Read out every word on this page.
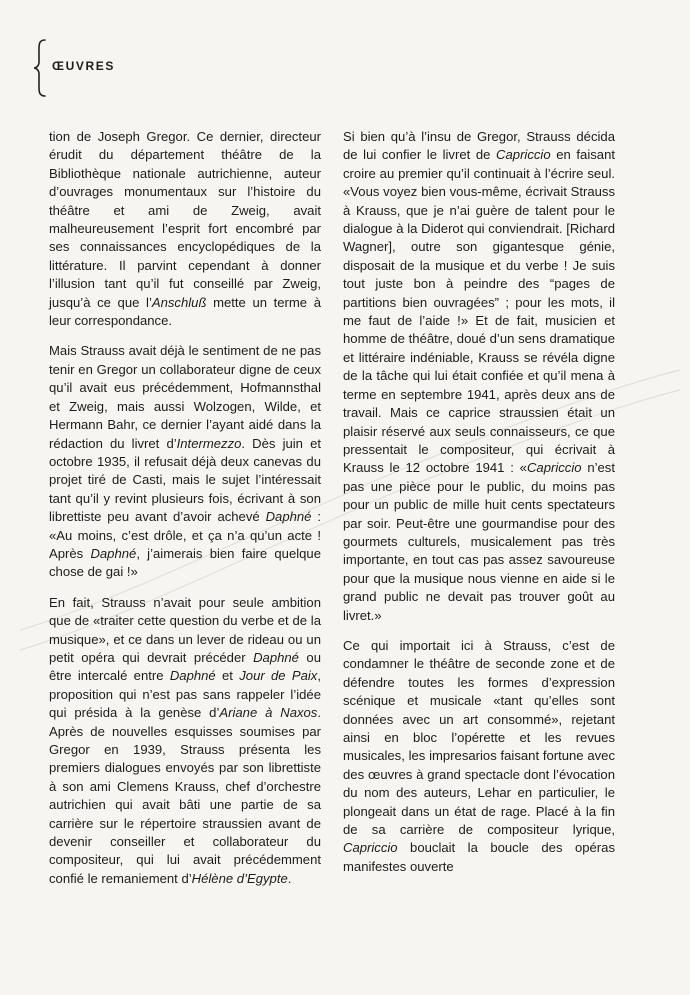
ŒUVRES

tion de Joseph Gregor. Ce dernier, directeur érudit du département théâtre de la Bibliothèque nationale autrichienne, auteur d’ouvrages monumentaux sur l’histoire du théâtre et ami de Zweig, avait malheureusement l’esprit fort encombré par ses connaissances encyclopédiques de la littérature. Il parvint cependant à donner l’illusion tant qu’il fut conseillé par Zweig, jusqu’à ce que l’Anschluß mette un terme à leur correspondance.

Mais Strauss avait déjà le sentiment de ne pas tenir en Gregor un collaborateur digne de ceux qu’il avait eus précédemment, Hofmannsthal et Zweig, mais aussi Wolzogen, Wilde, et Hermann Bahr, ce dernier l’ayant aidé dans la rédaction du livret d’Intermezzo. Dès juin et octobre 1935, il refusait déjà deux canevas du projet tiré de Casti, mais le sujet l’intéressait tant qu’il y revint plusieurs fois, écrivant à son librettiste peu avant d’avoir achevé Daphné : «Au moins, c’est drôle, et ça n’a qu’un acte ! Après Daphné, j’aimerais bien faire quelque chose de gai !»

En fait, Strauss n’avait pour seule ambition que de «traiter cette question du verbe et de la musique», et ce dans un lever de rideau ou un petit opéra qui devrait précéder Daphné ou être intercalé entre Daphné et Jour de Paix, proposition qui n’est pas sans rappeler l’idée qui présida à la genèse d’Ariane à Naxos. Après de nouvelles esquisses soumises par Gregor en 1939, Strauss présenta les premiers dialogues envoyés par son librettiste à son ami Clemens Krauss, chef d’orchestre autrichien qui avait bâti une partie de sa carrière sur le répertoire straussien avant de devenir conseiller et collaborateur du compositeur, qui lui avait précédemment confié le remaniement d’Hélène d’Egypte.

Si bien qu’à l’insu de Gregor, Strauss décida de lui confier le livret de Capriccio en faisant croire au premier qu’il continuait à l’écrire seul. «Vous voyez bien vous-même, écrivait Strauss à Krauss, que je n’ai guère de talent pour le dialogue à la Diderot qui conviendrait. [Richard Wagner], outre son gigantesque génie, disposait de la musique et du verbe ! Je suis tout juste bon à peindre des “pages de partitions bien ouvragées” ; pour les mots, il me faut de l’aide !» Et de fait, musicien et homme de théâtre, doué d’un sens dramatique et littéraire indéniable, Krauss se révéla digne de la tâche qui lui était confiée et qu’il mena à terme en septembre 1941, après deux ans de travail. Mais ce caprice straussien était un plaisir réservé aux seuls connaisseurs, ce que pressentait le compositeur, qui écrivait à Krauss le 12 octobre 1941 : «Capriccio n’est pas une pièce pour le public, du moins pas pour un public de mille huit cents spectateurs par soir. Peut-être une gourmandise pour des gourmets culturels, musicalement pas très importante, en tout cas pas assez savoureuse pour que la musique nous vienne en aide si le grand public ne devait pas trouver goût au livret.»

Ce qui importait ici à Strauss, c’est de condamner le théâtre de seconde zone et de défendre toutes les formes d’expression scénique et musicale «tant qu’elles sont données avec un art consommé», rejetant ainsi en bloc l’opérette et les revues musicales, les impresarios faisant fortune avec des œuvres à grand spectacle dont l’évocation du nom des auteurs, Lehar en particulier, le plongeait dans un état de rage. Placé à la fin de sa carrière de compositeur lyrique, Capriccio bouclait la boucle des opéras manifestes ouverte
